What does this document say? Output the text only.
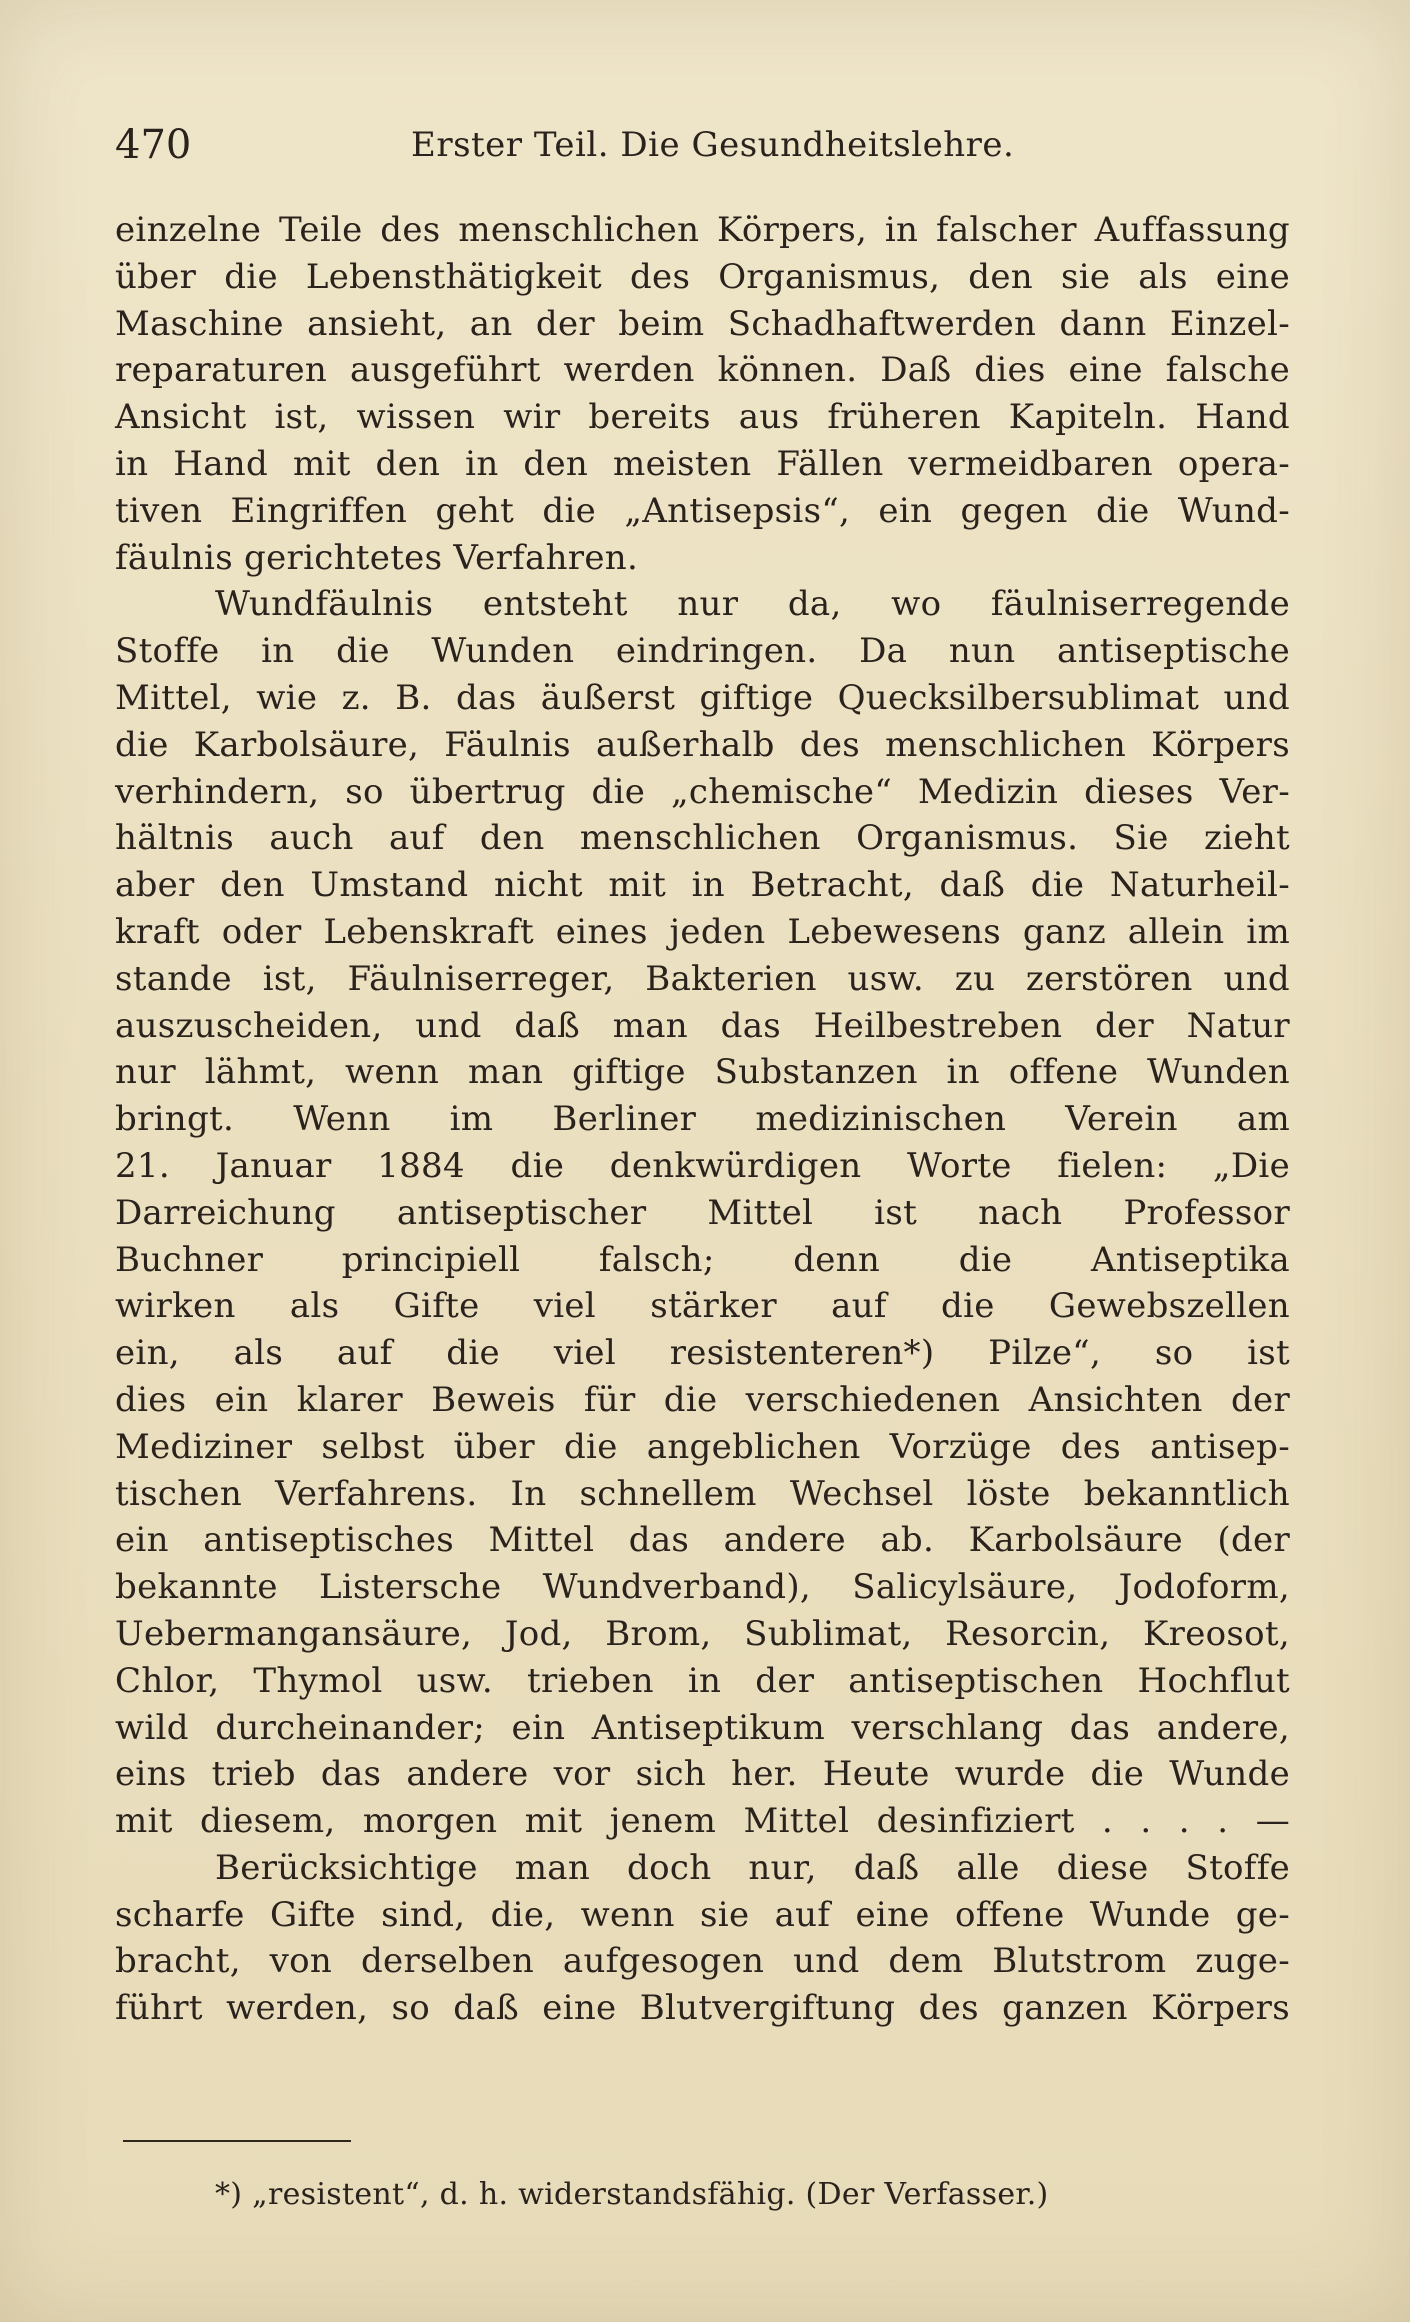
470	Erster Teil. Die Gesundheitslehre.
einzelne Teile des menschlichen Körpers, in falscher Auffassung
über die Lebensthätigkeit des Organismus, den sie als eine
Maschine ansieht, an der beim Schadhaftwerden dann Einzel-
reparaturen ausgeführt werden können. Daß dies eine falsche
Ansicht ist, wissen wir bereits aus früheren Kapiteln. Hand
in Hand mit den in den meisten Fällen vermeidbaren opera-
tiven Eingriffen geht die „Antisepsis“, ein gegen die Wund-
fäulnis gerichtetes Verfahren.
Wundfäulnis entsteht nur da, wo fäulniserregende
Stoffe in die Wunden eindringen. Da nun antiseptische
Mittel, wie z. B. das äußerst giftige Quecksilbersublimat und
die Karbolsäure, Fäulnis außerhalb des menschlichen Körpers
verhindern, so übertrug die „chemische“ Medizin dieses Ver-
hältnis auch auf den menschlichen Organismus. Sie zieht
aber den Umstand nicht mit in Betracht, daß die Naturheil-
kraft oder Lebenskraft eines jeden Lebewesens ganz allein im
stande ist, Fäulniserreger, Bakterien usw. zu zerstören und
auszuscheiden, und daß man das Heilbestreben der Natur
nur lähmt, wenn man giftige Substanzen in offene Wunden
bringt. Wenn im Berliner medizinischen Verein am
21. Januar 1884 die denkwürdigen Worte fielen: „Die
Darreichung antiseptischer Mittel ist nach Professor
Buchner principiell falsch; denn die Antiseptika
wirken als Gifte viel stärker auf die Gewebszellen
ein, als auf die viel resistenteren*) Pilze“, so ist
dies ein klarer Beweis für die verschiedenen Ansichten der
Mediziner selbst über die angeblichen Vorzüge des antisep-
tischen Verfahrens. In schnellem Wechsel löste bekanntlich
ein antiseptisches Mittel das andere ab. Karbolsäure (der
bekannte Listersche Wundverband), Salicylsäure, Jodoform,
Uebermangansäure, Jod, Brom, Sublimat, Resorcin, Kreosot,
Chlor, Thymol usw. trieben in der antiseptischen Hochflut
wild durcheinander; ein Antiseptikum verschlang das andere,
eins trieb das andere vor sich her. Heute wurde die Wunde
mit diesem, morgen mit jenem Mittel desinfiziert . . . . —
Berücksichtige man doch nur, daß alle diese Stoffe
scharfe Gifte sind, die, wenn sie auf eine offene Wunde ge-
bracht, von derselben aufgesogen und dem Blutstrom zuge-
führt werden, so daß eine Blutvergiftung des ganzen Körpers
*) „resistent“, d. h. widerstandsfähig. (Der Verfasser.)
